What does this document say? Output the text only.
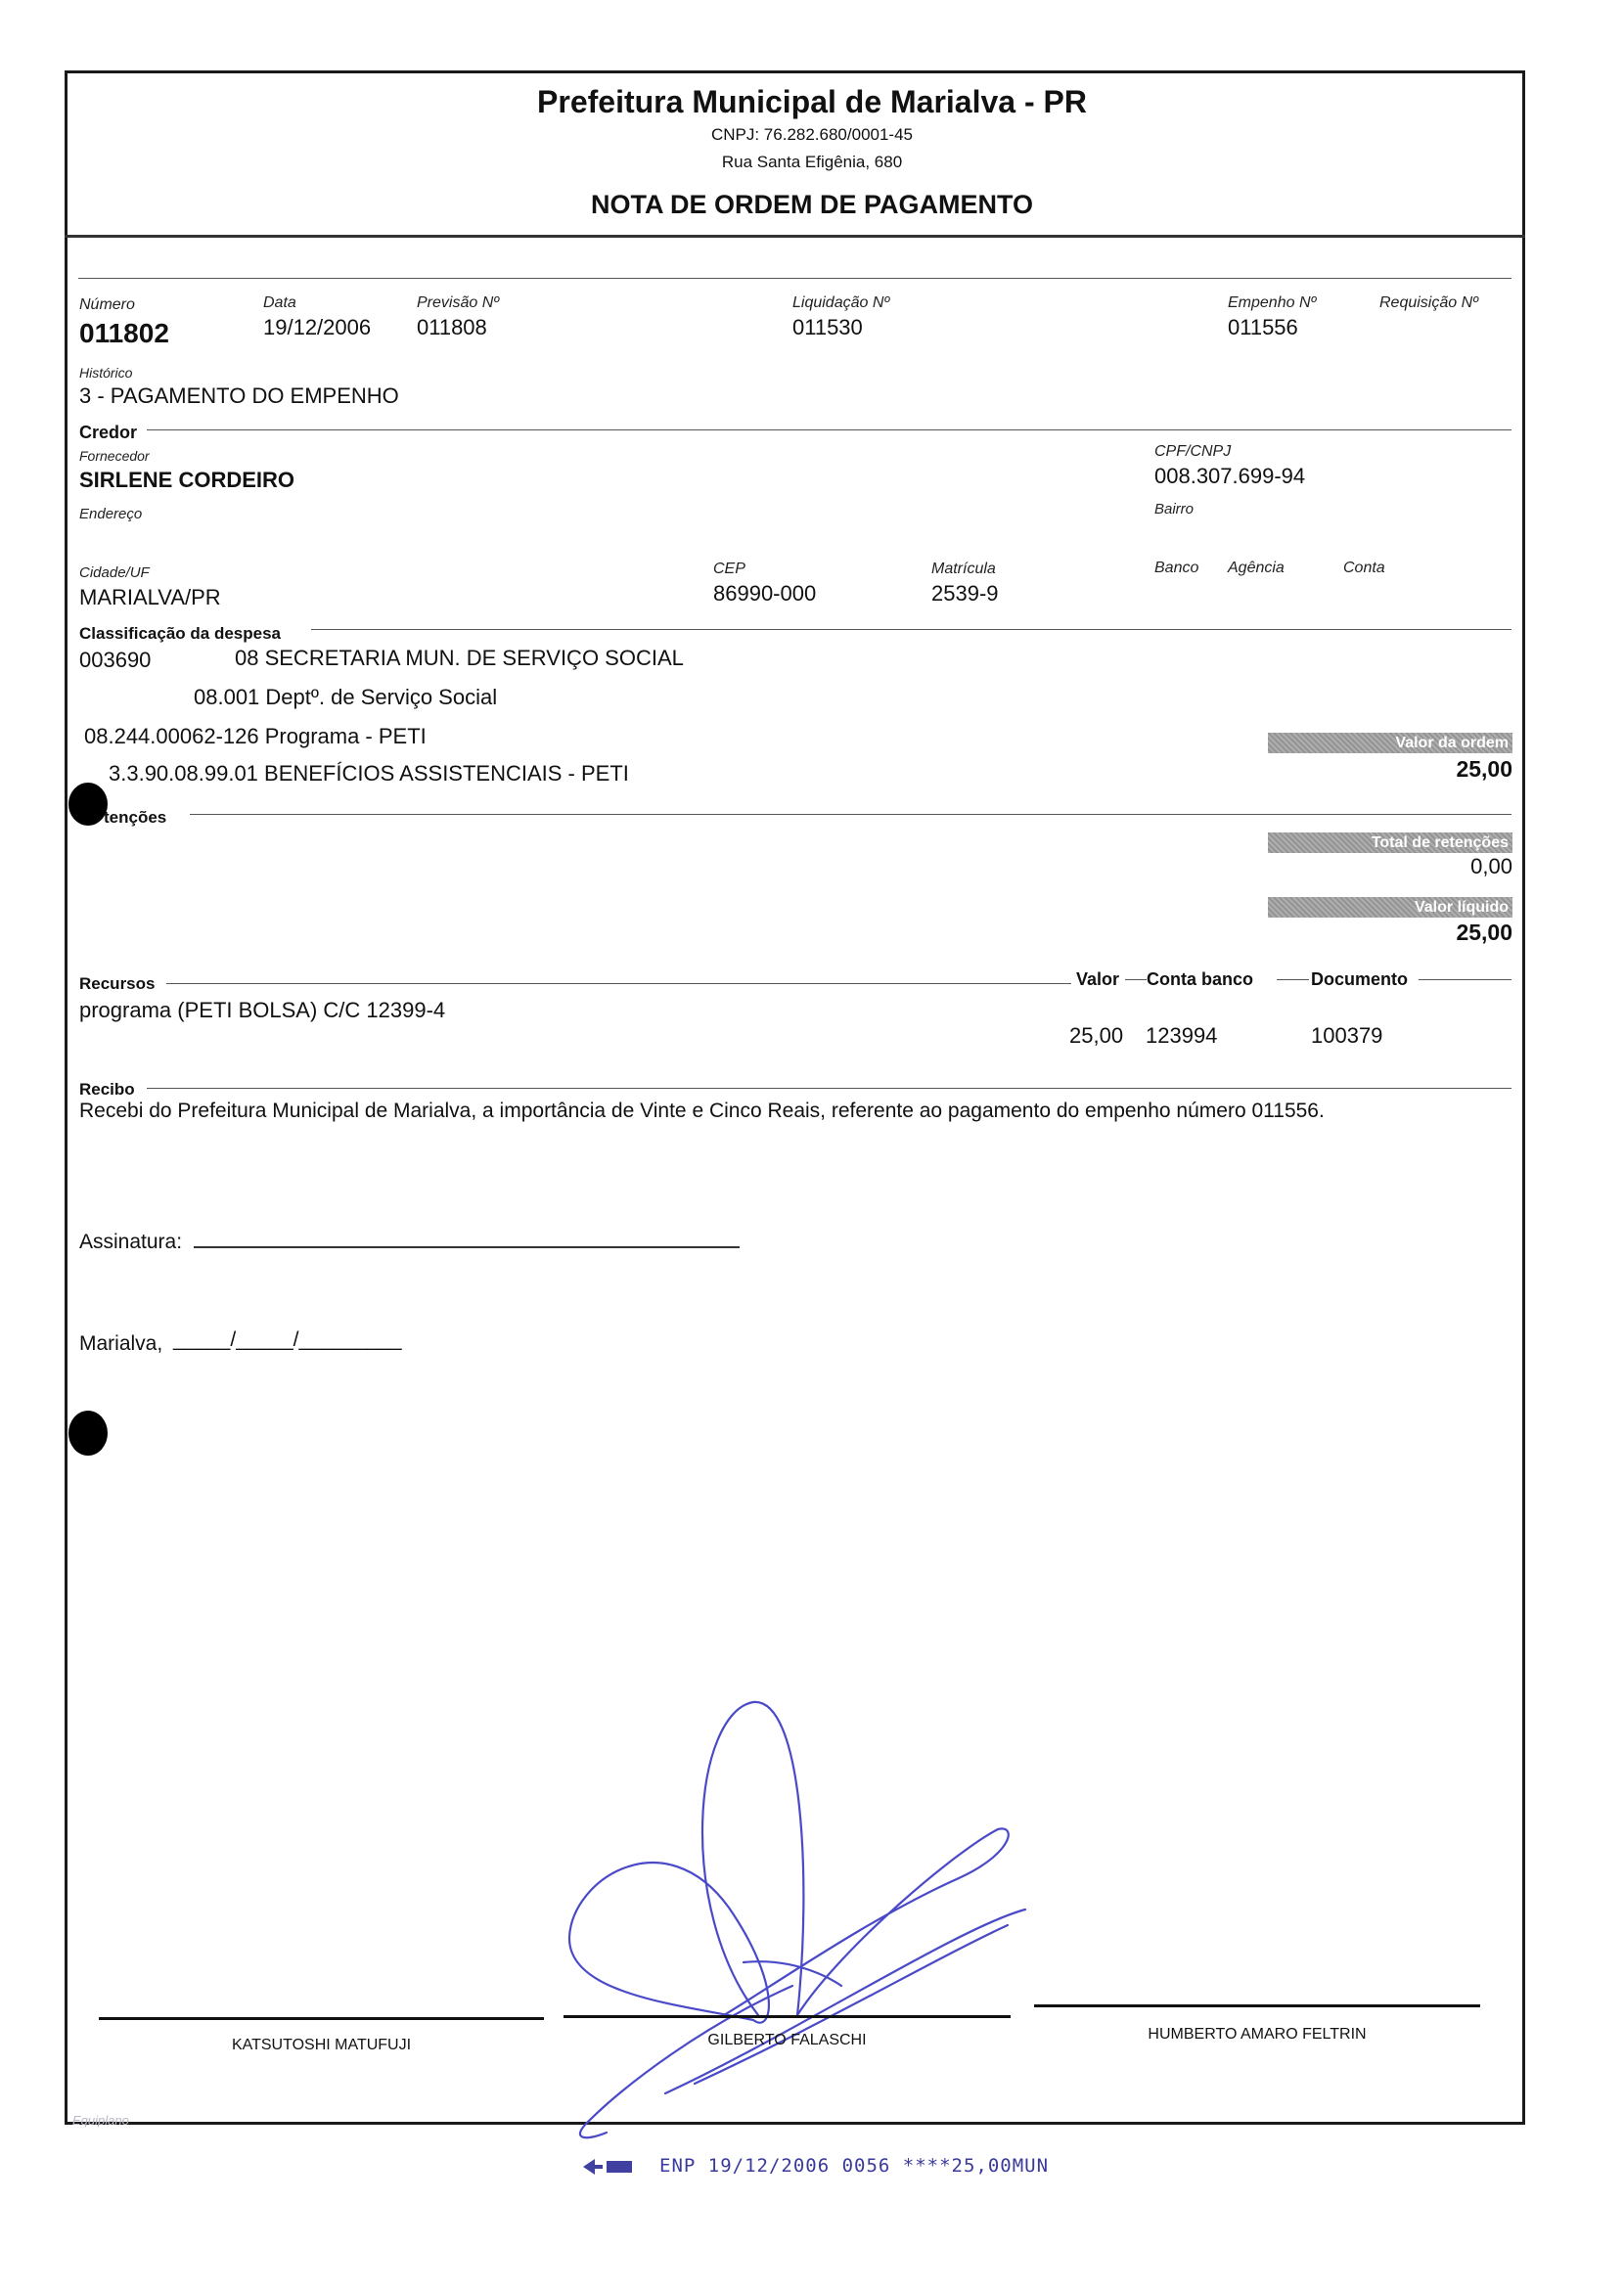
Prefeitura Municipal de Marialva - PR
CNPJ: 76.282.680/0001-45
Rua Santa Efigênia, 680
NOTA DE ORDEM DE PAGAMENTO
Número
011802
Data
19/12/2006
Previsão Nº
011808
Liquidação Nº
011530
Empenho Nº
011556
Requisição Nº
Histórico
3 - PAGAMENTO DO EMPENHO
Credor
Fornecedor
SIRLENE CORDEIRO
CPF/CNPJ
008.307.699-94
Endereço	Bairro
Cidade/UF
MARIALVA/PR
CEP
86990-000
Matrícula
2539-9
Banco Agência	Conta
Classificação da despesa
003690	08 SECRETARIA MUN. DE SERVIÇO SOCIAL
08.001 Deptº. de Serviço Social
08.244.00062-126 Programa - PETI
3.3.90.08.99.01 BENEFÍCIOS ASSISTENCIAIS - PETI
Valor da ordem
25,00
tenções
Total de retenções
0,00
Valor líquido
25,00
Recursos	Valor Conta banco	Documento
programa (PETI BOLSA) C/C 12399-4
25,00 123994	100379
Recibo
Recebi do Prefeitura Municipal de Marialva, a importância de Vinte e Cinco Reais, referente ao pagamento do empenho número 011556.
Assinatura:
Marialva, _____/_____/_________
KATSUTOSHI MATUFUJI	GILBERTO FALASCHI	HUMBERTO AMARO FELTRIN
Equiplano
ENP 19/12/2006 0056 ****25,00MUN
